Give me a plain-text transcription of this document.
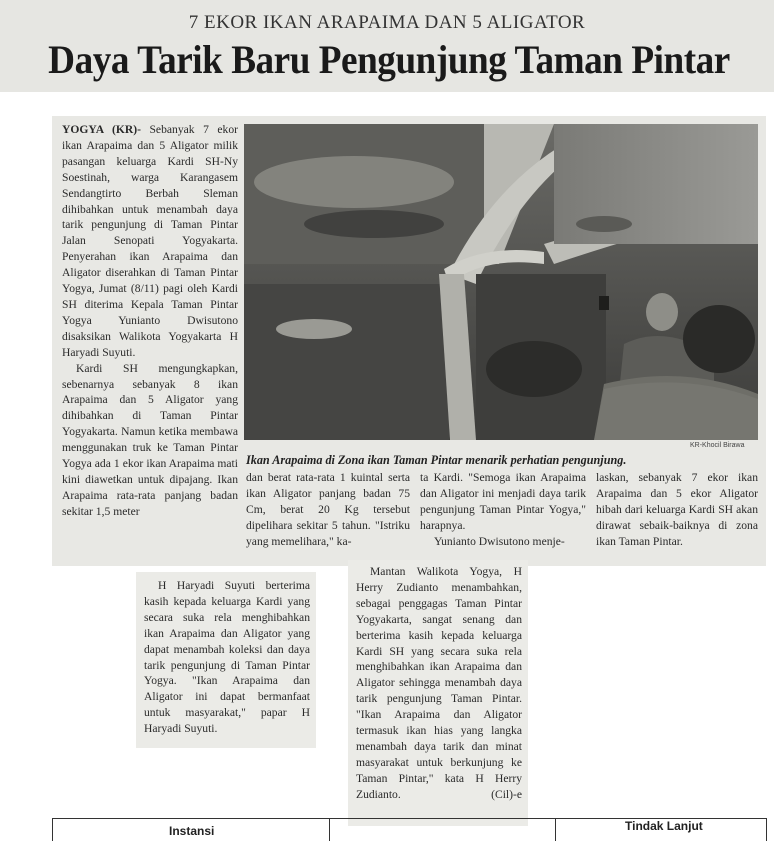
7 EKOR IKAN ARAPAIMA DAN 5 ALIGATOR
Daya Tarik Baru Pengunjung Taman Pintar

YOGYA (KR)- Sebanyak 7 ekor ikan Arapaima dan 5 Aligator milik pasangan keluarga Kardi SH-Ny Soestinah, warga Karangasem Sendangtirto Berbah Sleman dihibahkan untuk menambah daya tarik pengunjung di Taman Pintar Jalan Senopati Yogyakarta. Penyerahan ikan Arapaima dan Aligator diserahkan di Taman Pintar Yogya, Jumat (8/11) pagi oleh Kardi SH diterima Kepala Taman Pintar Yogya Yunianto Dwisutono disaksikan Walikota Yogyakarta H Haryadi Suyuti.

Kardi SH mengungkapkan, sebenarnya sebanyak 8 ikan Arapaima dan 5 Aligator yang dihibahkan di Taman Pintar Yogyakarta. Namun ketika membawa menggunakan truk ke Taman Pintar Yogya ada 1 ekor ikan Arapaima mati kini diawetkan untuk dipajang. Ikan Arapaima rata-rata panjang badan sekitar 1,5 meter

KR-Khocil Birawa
Ikan Arapaima di Zona ikan Taman Pintar menarik perhatian pengunjung.

dan berat rata-rata 1 kuintal serta ikan Aligator panjang badan 75 Cm, berat 20 Kg tersebut dipelihara sekitar 5 tahun. "Istriku yang memelihara," ka-

ta Kardi. "Semoga ikan Arapaima dan Aligator ini menjadi daya tarik pengunjung Taman Pintar Yogya," harapnya.

Yunianto Dwisutono menje-

laskan, sebanyak 7 ekor ikan Arapaima dan 5 ekor Aligator hibah dari keluarga Kardi SH akan dirawat sebaik-baiknya di zona ikan Taman Pintar.

H Haryadi Suyuti berterima kasih kepada keluarga Kardi yang secara suka rela menghibahkan ikan Arapaima dan Aligator yang dapat menambah koleksi dan daya tarik pengunjung di Taman Pintar Yogya. "Ikan Arapaima dan Aligator ini dapat bermanfaat untuk masyarakat," papar H Haryadi Suyuti.

Mantan Walikota Yogya, H Herry Zudianto menambahkan, sebagai penggagas Taman Pintar Yogyakarta, sangat senang dan berterima kasih kepada keluarga Kardi SH yang secara suka rela menghibahkan ikan Arapaima dan Aligator sehingga menambah daya tarik pengunjung Taman Pintar. "Ikan Arapaima dan Aligator termasuk ikan hias yang langka menambah daya tarik dan minat masyarakat untuk berkunjung ke Taman Pintar," kata H Herry Zudianto.	(Cil)-e

Instansi	Tindak Lanjut
